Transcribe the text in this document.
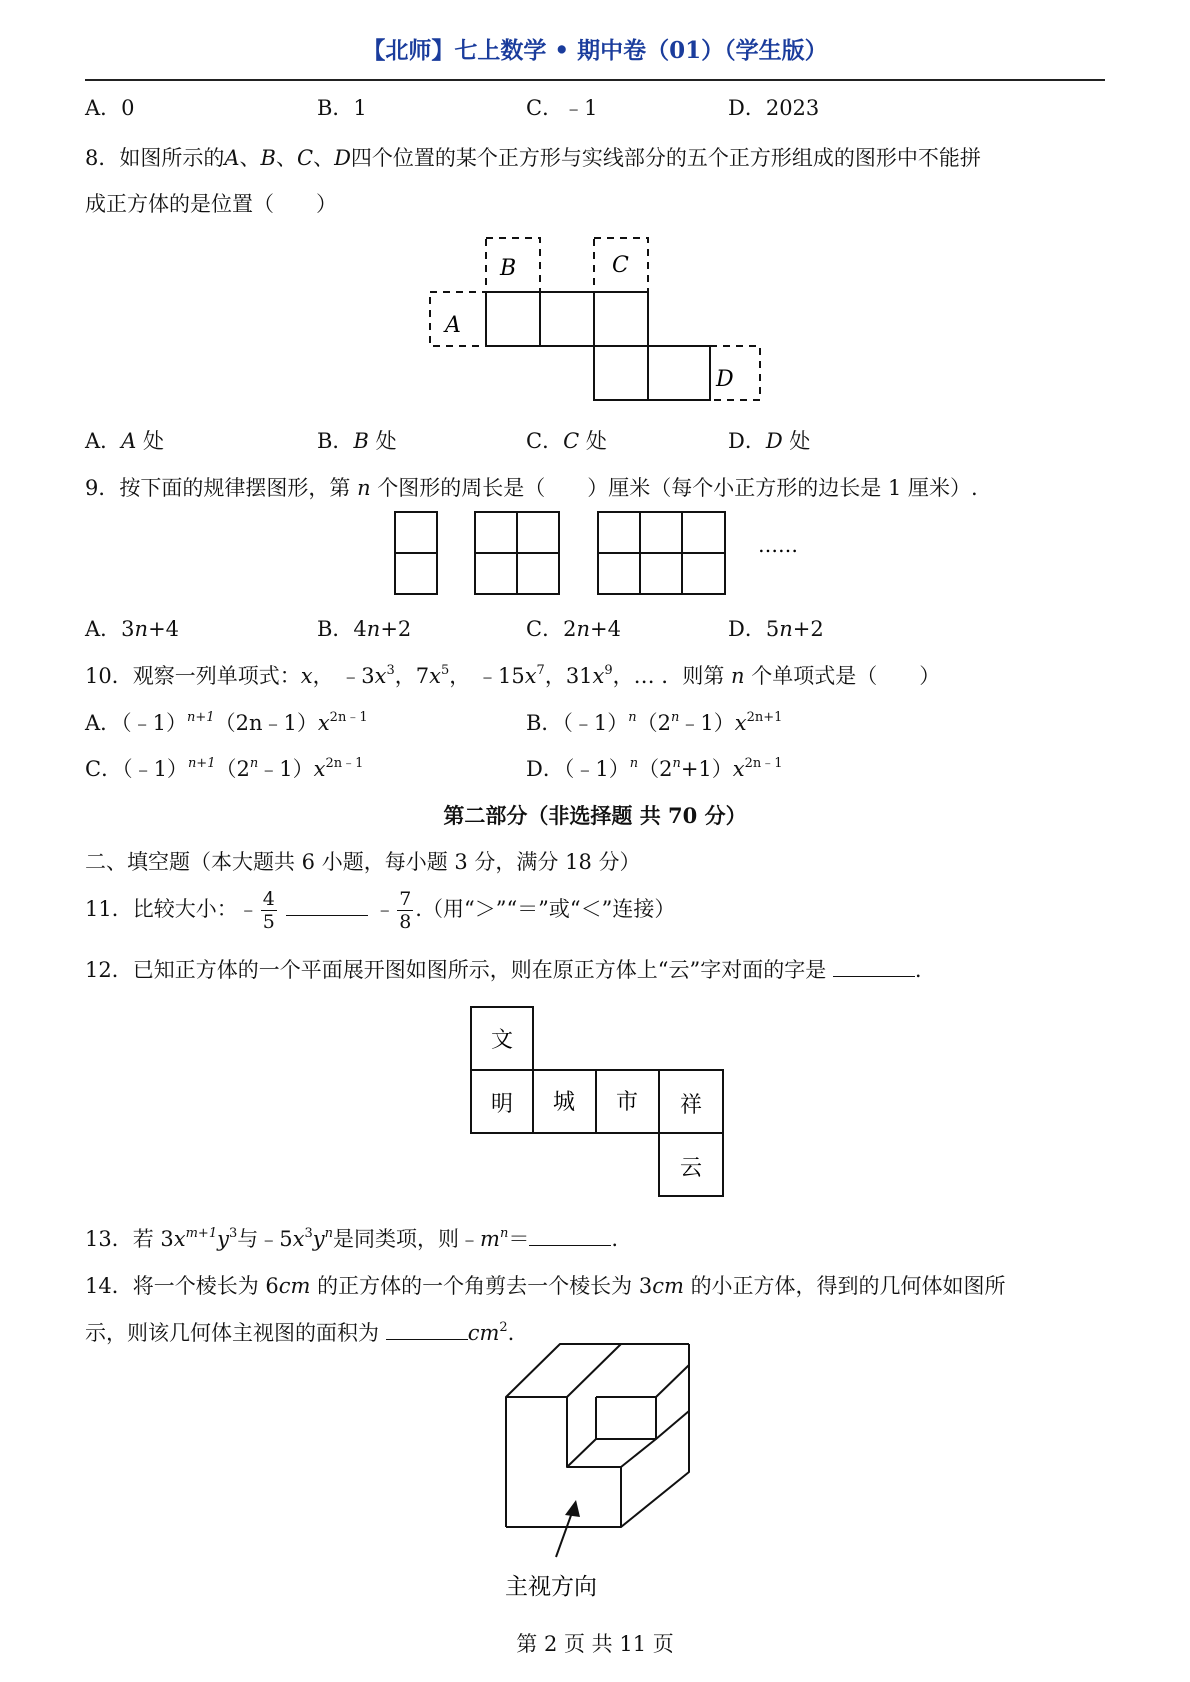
【北师】七上数学 • 期中卷（01）（学生版）
A．0	B．1	C．﹣1	D．2023
8．如图所示的A、B、C、D四个位置的某个正方形与实线部分的五个正方形组成的图形中不能拼
成正方体的是位置（　　）
A
B	C
D
A．A 处	B．B 处	C．C 处	D．D 处
9．按下面的规律摆图形，第 n 个图形的周长是（　　）厘米（每个小正方形的边长是 1 厘米）.
……
A．3n+4	B．4n+2	C．2n+4	D．5n+2
10．观察一列单项式：x， $﹣3x^3$，$7x^5$， $﹣15x^7$，$31x^9$，… ．则第 n 个单项式是（　　）
A．$(﹣1)^{n+1}(2n﹣1)x^{2n﹣1}$	B．$(﹣1)^n(2^n﹣1)x^{2n+1}$
C．$(﹣1)^{n+1}(2^n﹣1)x^{2n﹣1}$	D．$(﹣1)^n(2^n+1)x^{2n﹣1}$
第二部分（非选择题 共 70 分）
二、填空题（本大题共 6 小题，每小题 3 分，满分 18 分）
11．比较大小：﹣ $\frac{4}{5}$	﹣ $\frac{7}{8}$ .（用“＞”“＝”或“＜”连接）
12．已知正方体的一个平面展开图如图所示，则在原正方体上“云”字对面的字是	.
文
明 城 市 祥
云
13．若 $3x^{m+1}y^3$与$﹣5x^3y^n$是同类项，则$﹣m^n=$	.
14．将一个棱长为 6cm 的正方体的一个角剪去一个棱长为 3cm 的小正方体，得到的几何体如图所
示，则该几何体主视图的面积为	$cm^2$.
主视方向
第 2 页 共 11 页
